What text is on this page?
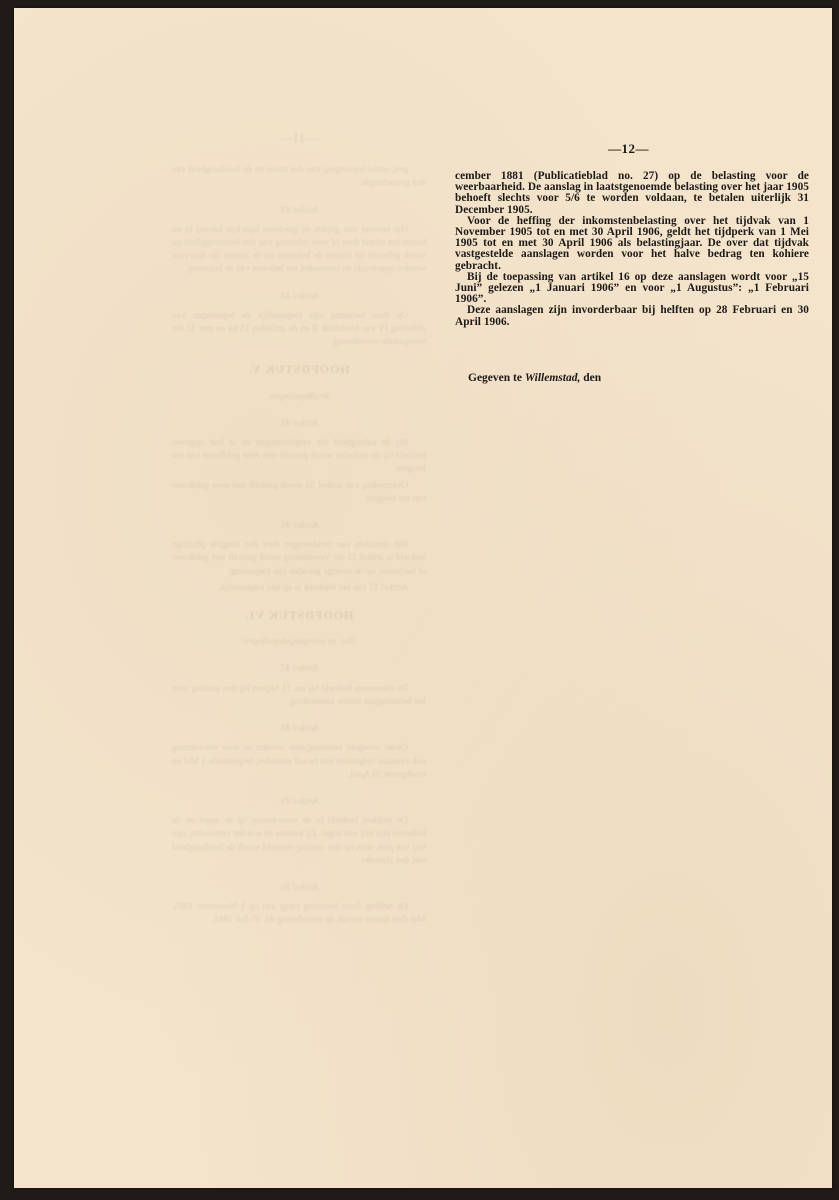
—11—

gen, onder bijvoeging van den naam en de hoedanigheid van den gemachtigde.

Artikel 43.

Het vervoer van gelden en goederen tusschen havens in en buiten het eiland door of voor rekening van den belastingplichtige wordt gebracht tot binnen de kohieren en de landen die daarvoor worden opgemaakt en verzonden ten behoeve van de belasting.

Artikel 44.

Op deze belasting zijn toepasselijk de bepalingen van afdeeling IV van hoofdstuk II en de artikelen 15 tot en met 32 der voorgaande verordening.

HOOFDSTUK V.
Strafbepalingen.
Artikel 45.

Bij de nalatigheid der verplichtingen en te laat opgaven bedoeld bij de artikelen wordt gestraft met eene geldboete van ten hoogste.

Overtreding van artikel 35 wordt gestraft met eene geldboete van ten hoogste.

Artikel 46.

Het opmaken van verklaringen door den aangifte plichtige bedoeld in artikel 12 der Verordening wordt gestraft met geldboete of hechtenis, op de overige gevallen van toepassing.

Artikel 17 van het Wetboek is op hen toepasselijk.

HOOFDSTUK VI.
Slot- en overgangsbepalingen.
Artikel 47.

De inkomsten bedoeld bij art. 11 blijven bij den aanslag over het belastingjaar buiten aanmerking.

Artikel 48.

Onder vroegere belastingjaren worden in deze verordening ook verstaan tijdperken van twaalf maanden, beginnende 1 Mei en eindigende 30 April.

Artikel 49.

De stukken bedoeld in de verordening op de zegel en de kohieren zijn vrij van zegel. Zij kunnen en worden verzonden, zijn vrij van port, mits op den omslag vermeld wordt de hoedanigheid van den afzender.

Artikel 50.

De heffing dezer belasting vangt aan op 1 November 1905. Met dien datum vervalt de verordening dd. 25 Juli 1881.

—12—

cember 1881 (Publicatieblad no. 27) op de belasting voor de weerbaarheid. De aanslag in laatstgenoemde belasting over het jaar 1905 behoeft slechts voor 5/6 te worden voldaan, te betalen uiterlijk 31 December 1905.

Voor de heffing der inkomstenbelasting over het tijdvak van 1 November 1905 tot en met 30 April 1906, geldt het tijdperk van 1 Mei 1905 tot en met 30 April 1906 als belastingjaar. De over dat tijdvak vastgestelde aanslagen worden voor het halve bedrag ten kohiere gebracht.

Bij de toepassing van artikel 16 op deze aanslagen wordt voor „15 Juni” gelezen „1 Januari 1906” en voor „1 Augustus”: „1 Februari 1906”.

Deze aanslagen zijn invorderbaar bij helften op 28 Februari en 30 April 1906.

Gegeven te Willemstad, den
